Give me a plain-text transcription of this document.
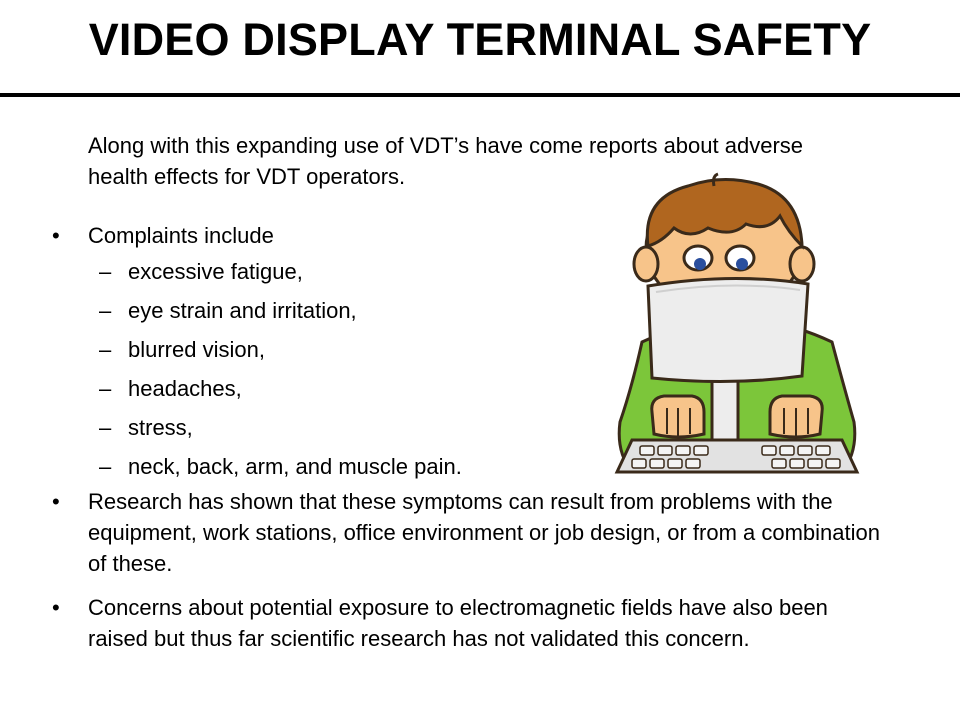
VIDEO DISPLAY TERMINAL SAFETY
Along with this expanding use of VDT’s have come reports about adverse health effects for VDT operators.
• Complaints include
– excessive fatigue,
– eye strain and irritation,
– blurred vision,
– headaches,
– stress,
– neck, back, arm, and muscle pain.
• Research has shown that these symptoms can result from problems with the equipment, work stations, office environment or job design, or from a combination of these.
• Concerns about potential exposure to electromagnetic fields have also been raised but thus far scientific research has not validated this concern.
